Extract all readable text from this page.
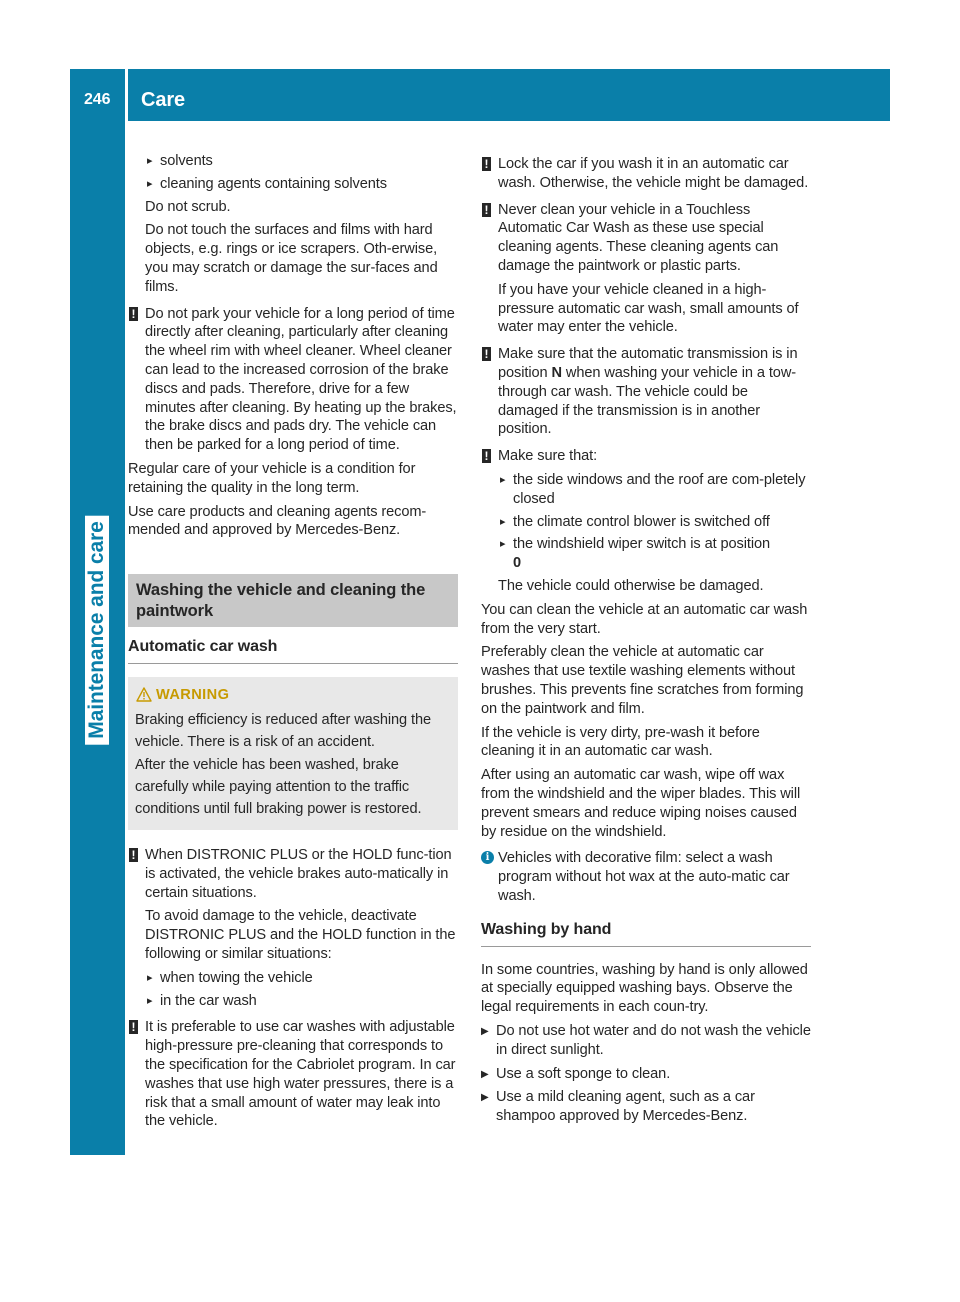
246 Care
Maintenance and care
▸ solvents
▸ cleaning agents containing solvents

Do not scrub.

Do not touch the surfaces and films with hard objects, e.g. rings or ice scrapers. Oth-erwise, you may scratch or damage the sur-faces and films.

! Do not park your vehicle for a long period of time directly after cleaning, particularly after cleaning the wheel rim with wheel cleaner. Wheel cleaner can lead to the increased corrosion of the brake discs and pads. Therefore, drive for a few minutes after cleaning. By heating up the brakes, the brake discs and pads dry. The vehicle can then be parked for a long period of time.

Regular care of your vehicle is a condition for retaining the quality in the long term.

Use care products and cleaning agents recom-mended and approved by Mercedes-Benz.

Washing the vehicle and cleaning the paintwork
Automatic car wash
WARNING

Braking efficiency is reduced after washing the vehicle. There is a risk of an accident.

After the vehicle has been washed, brake carefully while paying attention to the traffic conditions until full braking power is restored.

! When DISTRONIC PLUS or the HOLD func-tion is activated, the vehicle brakes auto-matically in certain situations.

To avoid damage to the vehicle, deactivate DISTRONIC PLUS and the HOLD function in the following or similar situations:

▸ when towing the vehicle
▸ in the car wash
! It is preferable to use car washes with adjustable high-pressure pre-cleaning that corresponds to the specification for the Cabriolet program. In car washes that use high water pressures, there is a risk that a small amount of water may leak into the vehicle.
! Lock the car if you wash it in an automatic car wash. Otherwise, the vehicle might be damaged.
! Never clean your vehicle in a Touchless Automatic Car Wash as these use special cleaning agents. These cleaning agents can damage the paintwork or plastic parts.

If you have your vehicle cleaned in a high-pressure automatic car wash, small amounts of water may enter the vehicle.

! Make sure that the automatic transmission is in position N when washing your vehicle in a tow-through car wash. The vehicle could be damaged if the transmission is in another position.
! Make sure that:
▸ the side windows and the roof are com-pletely closed
▸ the climate control blower is switched off
▸ the windshield wiper switch is at position
0

The vehicle could otherwise be damaged.

You can clean the vehicle at an automatic car wash from the very start.

Preferably clean the vehicle at automatic car washes that use textile washing elements without brushes. This prevents fine scratches from forming on the paintwork and film.

If the vehicle is very dirty, pre-wash it before cleaning it in an automatic car wash.

After using an automatic car wash, wipe off wax from the windshield and the wiper blades. This will prevent smears and reduce wiping noises caused by residue on the windshield.

i Vehicles with decorative film: select a wash program without hot wax at the auto-matic car wash.
Washing by hand

In some countries, washing by hand is only allowed at specially equipped washing bays. Observe the legal requirements in each coun-try.

▶ Do not use hot water and do not wash the vehicle in direct sunlight.
▶ Use a soft sponge to clean.
▶ Use a mild cleaning agent, such as a car shampoo approved by Mercedes-Benz.
